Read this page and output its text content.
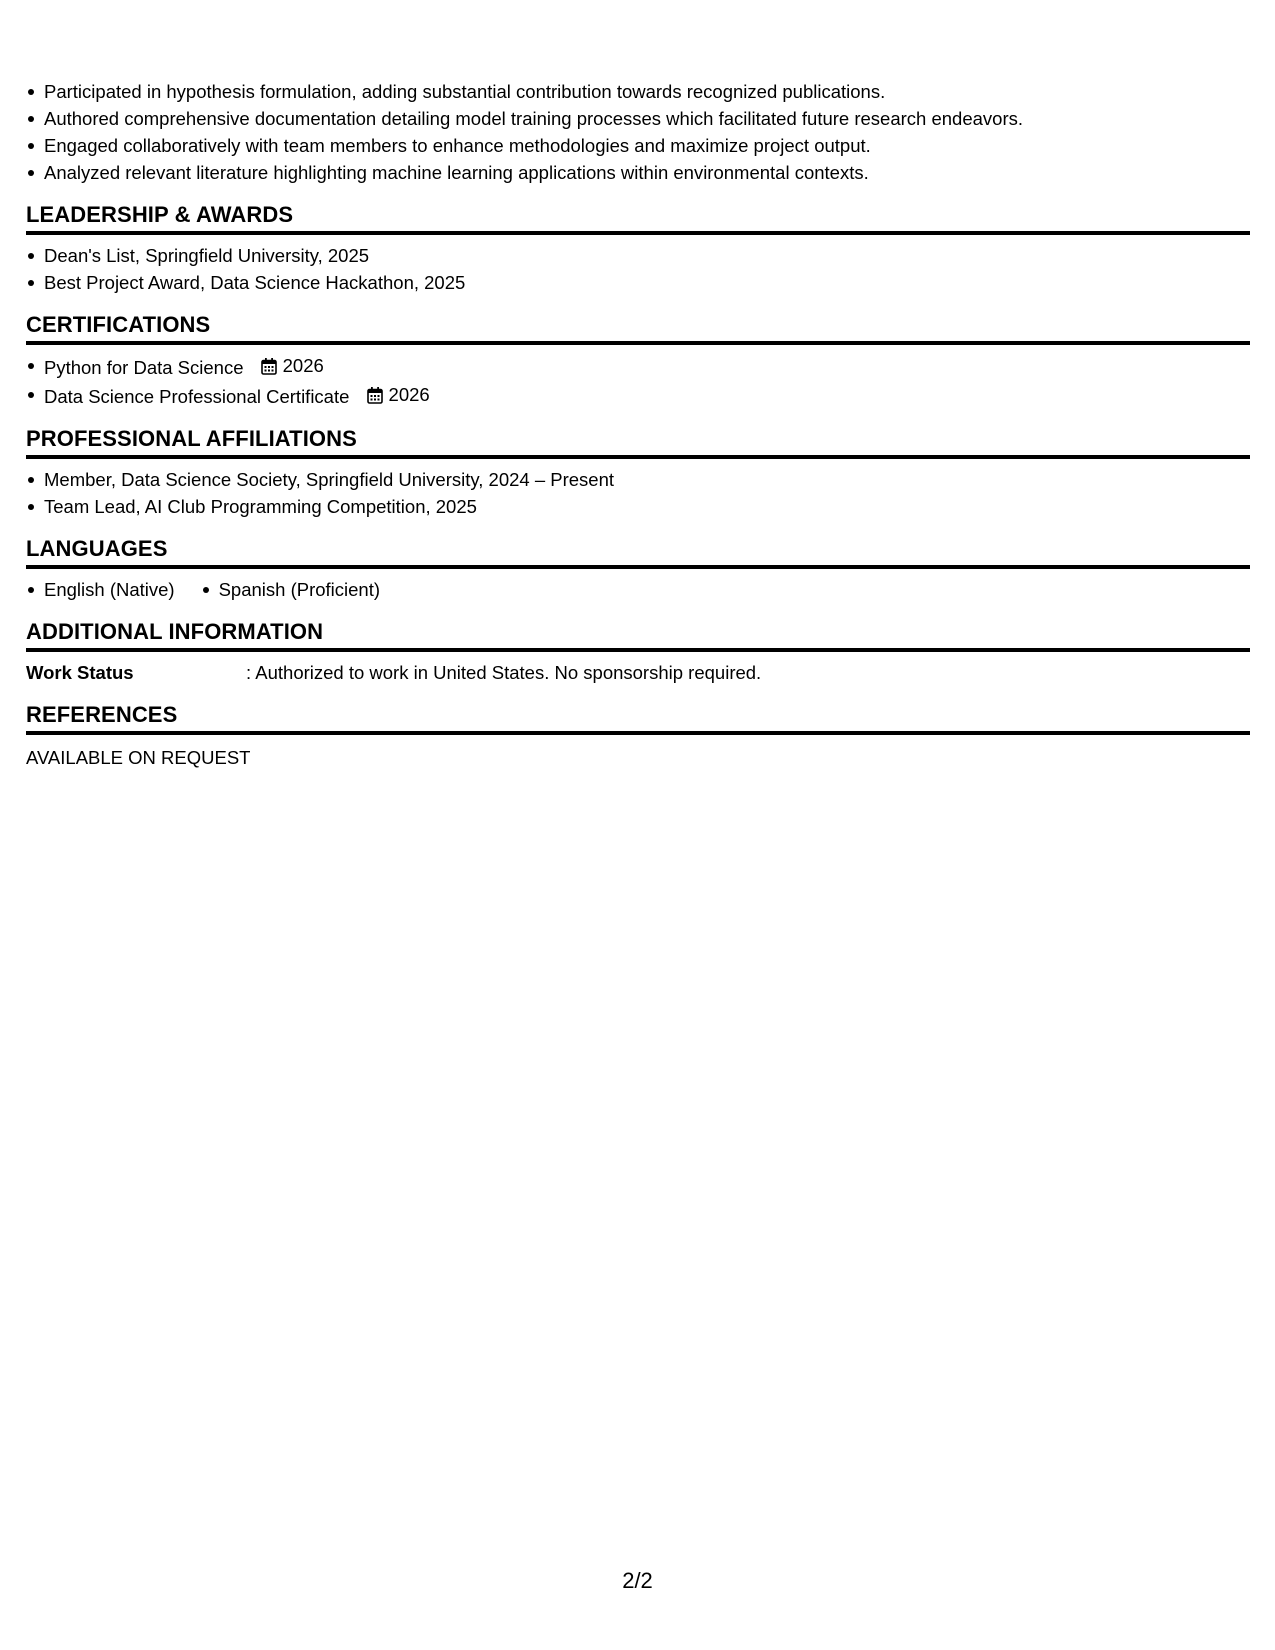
Participated in hypothesis formulation, adding substantial contribution towards recognized publications.
Authored comprehensive documentation detailing model training processes which facilitated future research endeavors.
Engaged collaboratively with team members to enhance methodologies and maximize project output.
Analyzed relevant literature highlighting machine learning applications within environmental contexts.
LEADERSHIP & AWARDS
Dean's List, Springfield University, 2025
Best Project Award, Data Science Hackathon, 2025
CERTIFICATIONS
Python for Data Science 2026
Data Science Professional Certificate 2026
PROFESSIONAL AFFILIATIONS
Member, Data Science Society, Springfield University, 2024 – Present
Team Lead, AI Club Programming Competition, 2025
LANGUAGES
English (Native)	Spanish (Proficient)
ADDITIONAL INFORMATION
Work Status	: Authorized to work in United States. No sponsorship required.
REFERENCES
AVAILABLE ON REQUEST
2/2
